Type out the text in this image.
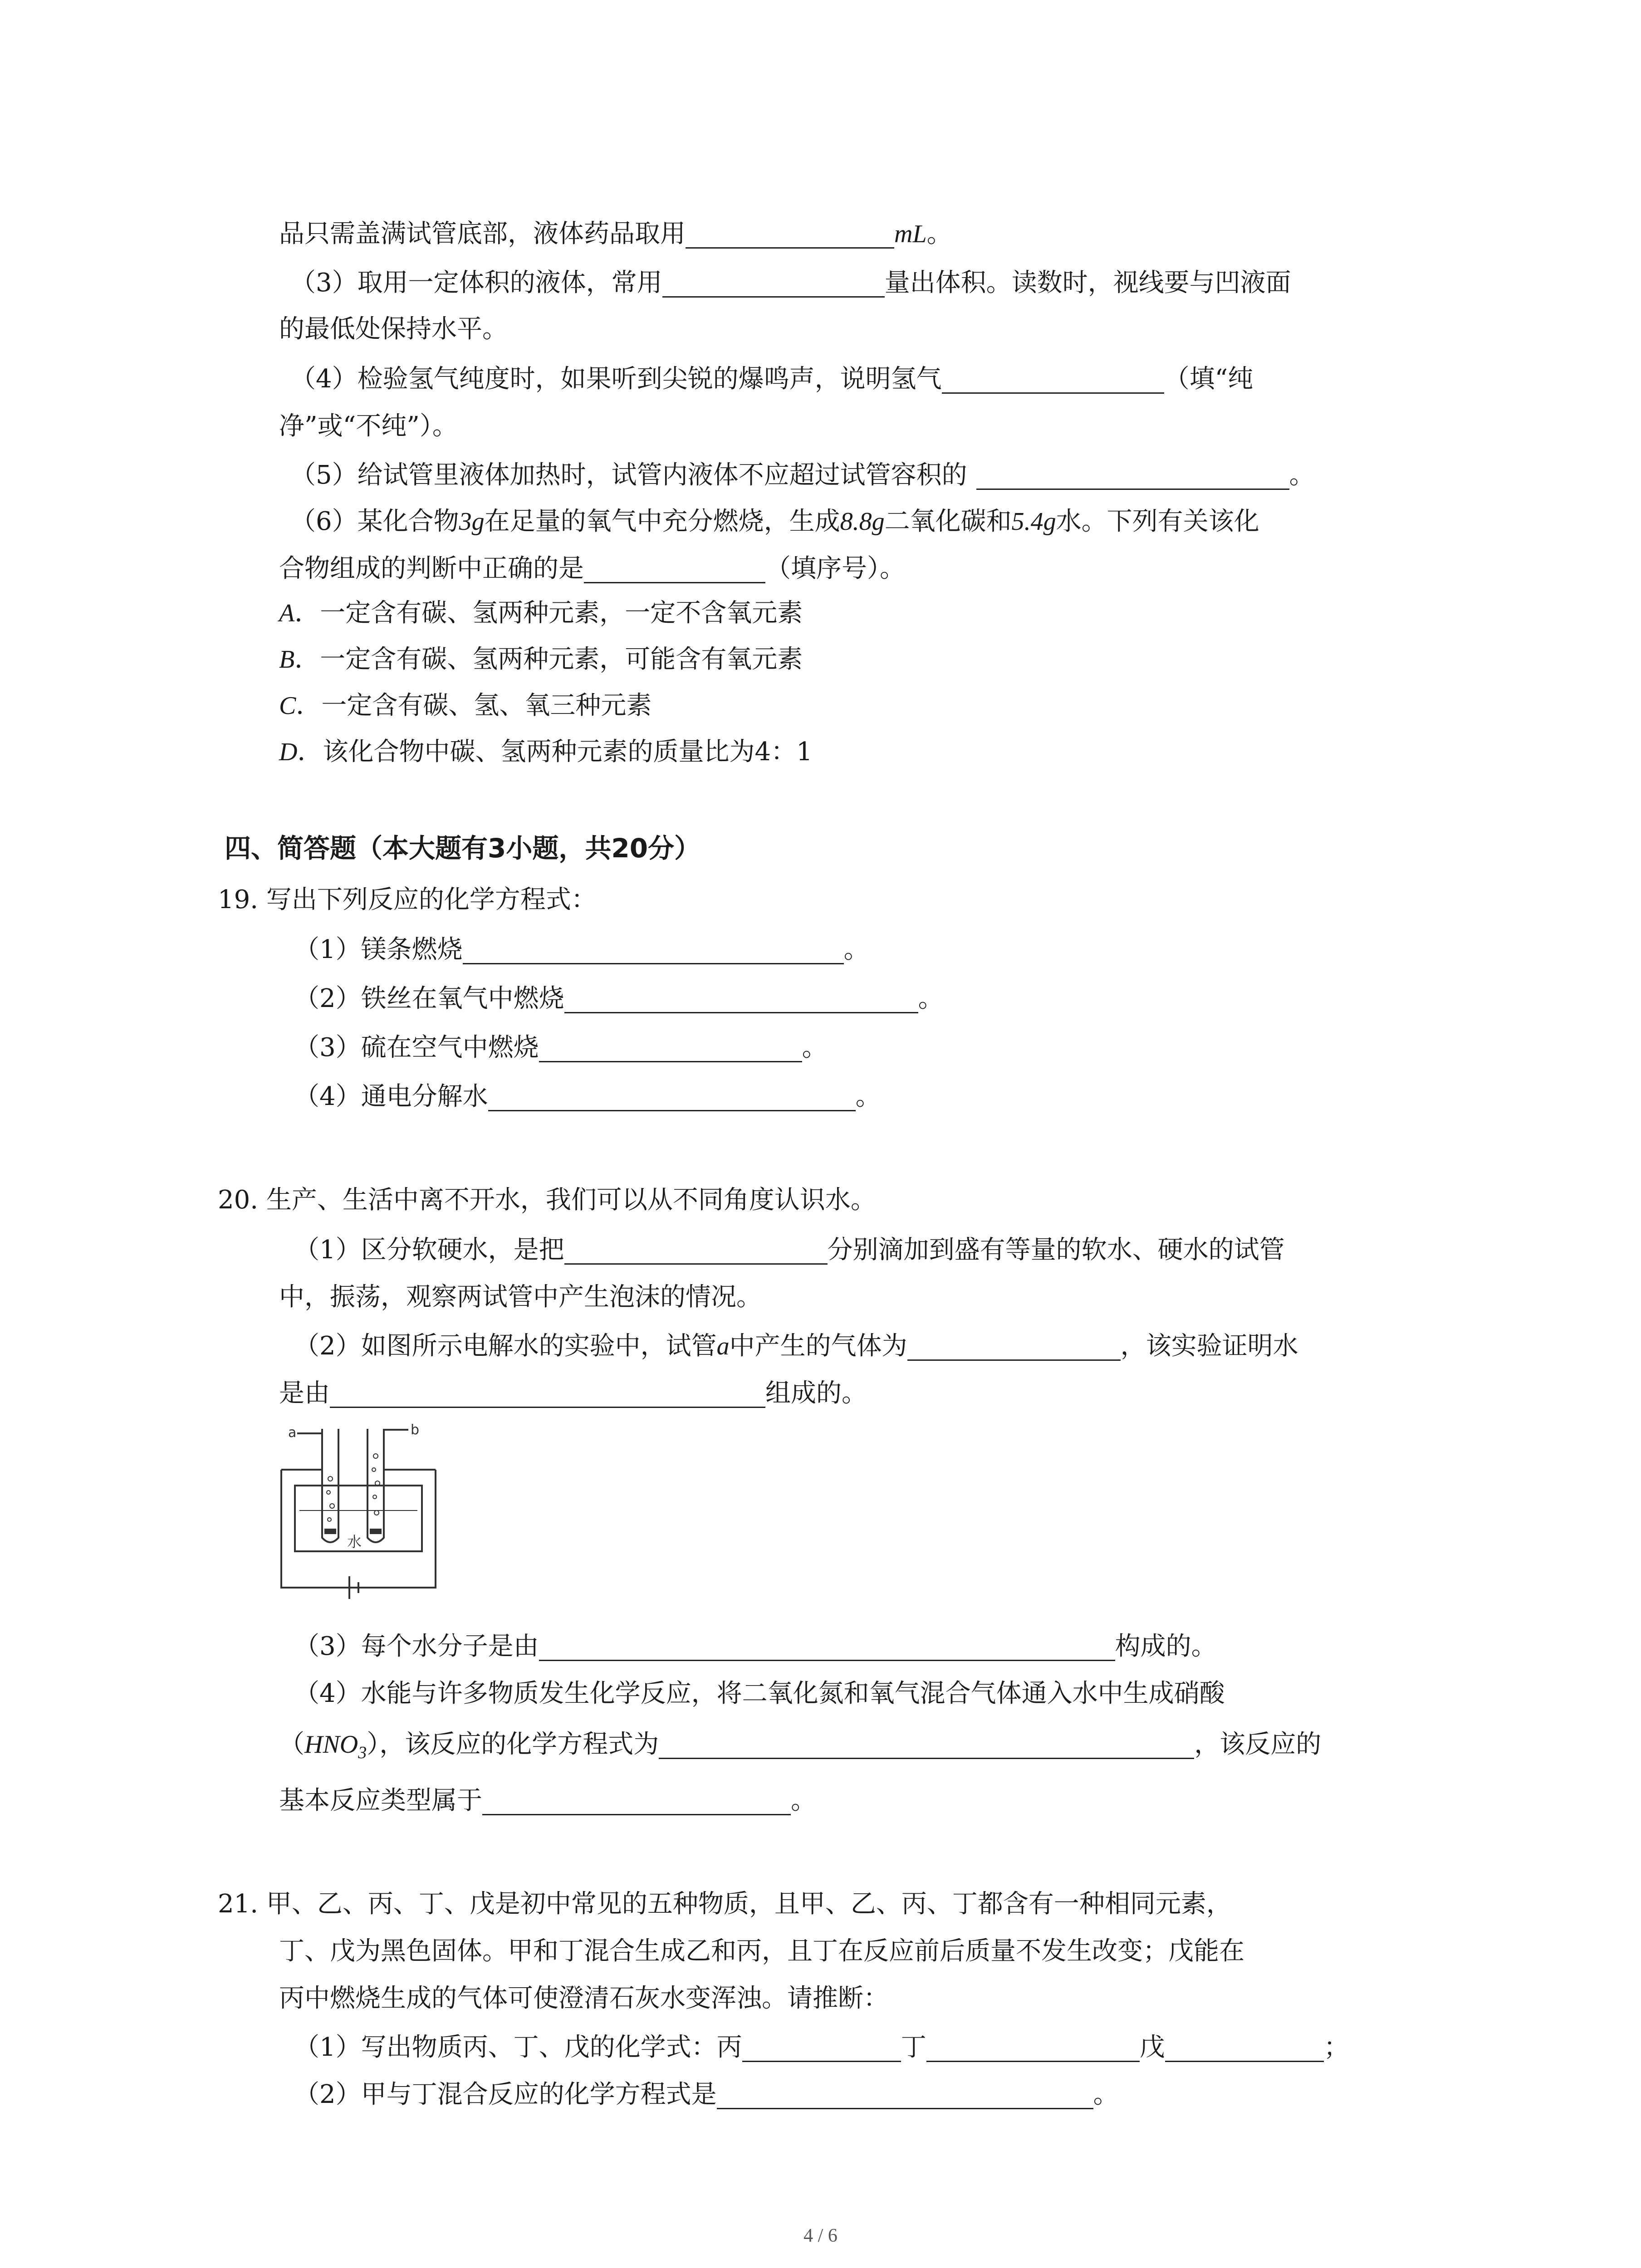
品只需盖满试管底部，液体药品取用	mL。
（3）取用一定体积的液体，常用	量出体积。读数时，视线要与凹液面
的最低处保持水平。
（4）检验氢气纯度时，如果听到尖锐的爆鸣声，说明氢气	（填“纯
净”或“不纯”）。
（5）给试管里液体加热时，试管内液体不应超过试管容积的	。
（6）某化合物3g在足量的氧气中充分燃烧，生成8.8g二氧化碳和5.4g水。下列有关该化
合物组成的判断中正确的是	（填序号）。
A．一定含有碳、氢两种元素，一定不含氧元素
B．一定含有碳、氢两种元素，可能含有氧元素
C．一定含有碳、氢、氧三种元素
D．该化合物中碳、氢两种元素的质量比为4：1
四、简答题（本大题有3小题，共20分）
19. 写出下列反应的化学方程式：
（1）镁条燃烧	。
（2）铁丝在氧气中燃烧	。
（3）硫在空气中燃烧	。
（4）通电分解水	。
20. 生产、生活中离不开水，我们可以从不同角度认识水。
（1）区分软硬水，是把	分别滴加到盛有等量的软水、硬水的试管
中，振荡，观察两试管中产生泡沫的情况。
（2）如图所示电解水的实验中，试管a中产生的气体为	，该实验证明水
是由	组成的。
a	b
水
（3）每个水分子是由	构成的。
（4）水能与许多物质发生化学反应，将二氧化氮和氧气混合气体通入水中生成硝酸
$(HNO_3)$，该反应的化学方程式为	，该反应的
基本反应类型属于	。
21. 甲、乙、丙、丁、戊是初中常见的五种物质，且甲、乙、丙、丁都含有一种相同元素，
丁、戊为黑色固体。甲和丁混合生成乙和丙，且丁在反应前后质量不发生改变；戊能在
丙中燃烧生成的气体可使澄清石灰水变浑浊。请推断：
（1）写出物质丙、丁、戊的化学式：丙	丁	戊	；
（2）甲与丁混合反应的化学方程式是	。
4 / 6
